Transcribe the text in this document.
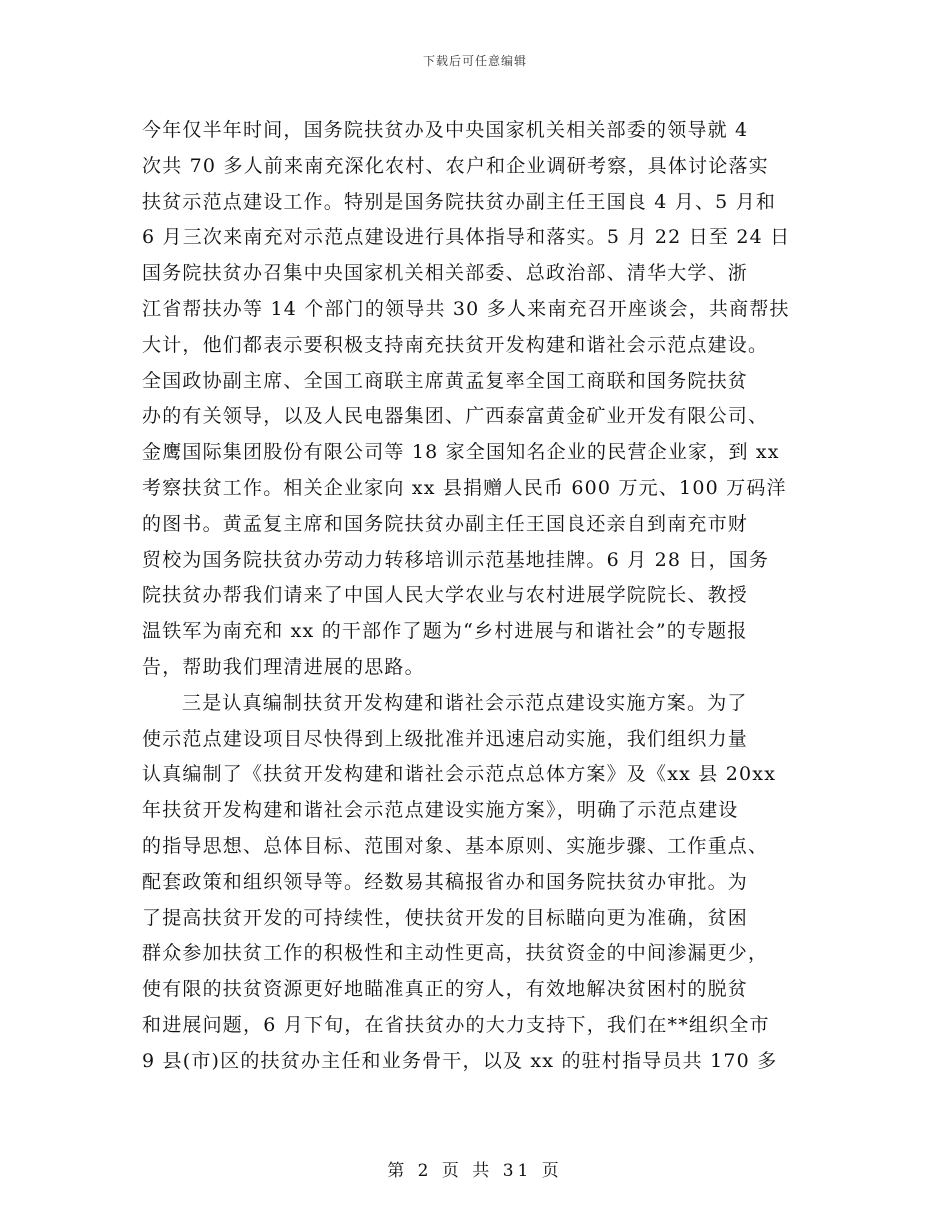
下载后可任意编辑
今年仅半年时间，国务院扶贫办及中央国家机关相关部委的领导就 4
次共 70 多人前来南充深化农村、农户和企业调研考察，具体讨论落实
扶贫示范点建设工作。特别是国务院扶贫办副主任王国良 4 月、5 月和
6 月三次来南充对示范点建设进行具体指导和落实。5 月 22 日至 24 日
国务院扶贫办召集中央国家机关相关部委、总政治部、清华大学、浙
江省帮扶办等 14 个部门的领导共 30 多人来南充召开座谈会，共商帮扶
大计，他们都表示要积极支持南充扶贫开发构建和谐社会示范点建设。
全国政协副主席、全国工商联主席黄孟复率全国工商联和国务院扶贫
办的有关领导，以及人民电器集团、广西泰富黄金矿业开发有限公司、
金鹰国际集团股份有限公司等 18 家全国知名企业的民营企业家，到 xx
考察扶贫工作。相关企业家向 xx 县捐赠人民币 600 万元、100 万码洋
的图书。黄孟复主席和国务院扶贫办副主任王国良还亲自到南充市财
贸校为国务院扶贫办劳动力转移培训示范基地挂牌。6 月 28 日，国务
院扶贫办帮我们请来了中国人民大学农业与农村进展学院院长、教授
温铁军为南充和 xx 的干部作了题为“乡村进展与和谐社会”的专题报
告，帮助我们理清进展的思路。
三是认真编制扶贫开发构建和谐社会示范点建设实施方案。为了
使示范点建设项目尽快得到上级批准并迅速启动实施，我们组织力量
认真编制了《扶贫开发构建和谐社会示范点总体方案》及《xx 县 20xx
年扶贫开发构建和谐社会示范点建设实施方案》，明确了示范点建设
的指导思想、总体目标、范围对象、基本原则、实施步骤、工作重点、
配套政策和组织领导等。经数易其稿报省办和国务院扶贫办审批。为
了提高扶贫开发的可持续性，使扶贫开发的目标瞄向更为准确，贫困
群众参加扶贫工作的积极性和主动性更高，扶贫资金的中间渗漏更少，
使有限的扶贫资源更好地瞄准真正的穷人，有效地解决贫困村的脱贫
和进展问题，6 月下旬，在省扶贫办的大力支持下，我们在**组织全市
9 县(市)区的扶贫办主任和业务骨干，以及 xx 的驻村指导员共 170 多
第 2 页 共 31 页
